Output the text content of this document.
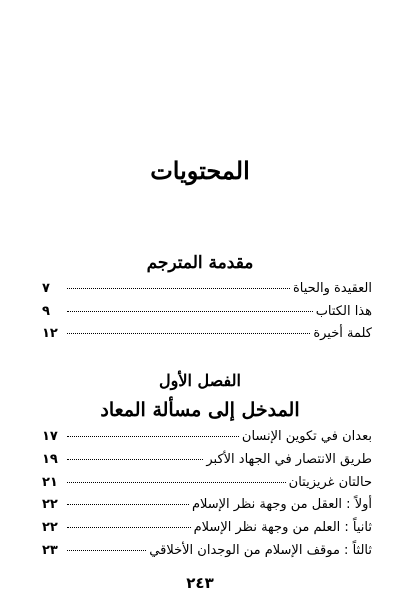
المحتويات
مقدمة المترجم
العقيدة والحياة
٧
هذا الكتاب
٩
كلمة أخيرة
١٢
الفصل الأول
المدخل إلى مسألة المعاد
بعدان في تكوين الإنسان
١٧
طريق الانتصار في الجهاد الأكبر
١٩
حالتان غريزيتان
٢١
أولاً : العقل من وجهة نظر الإسلام
٢٢
ثانياً : العلم من وجهة نظر الإسلام
٢٢
ثالثاً : موقف الإسلام من الوجدان الأخلاقي
٢٣
٢٤٣
